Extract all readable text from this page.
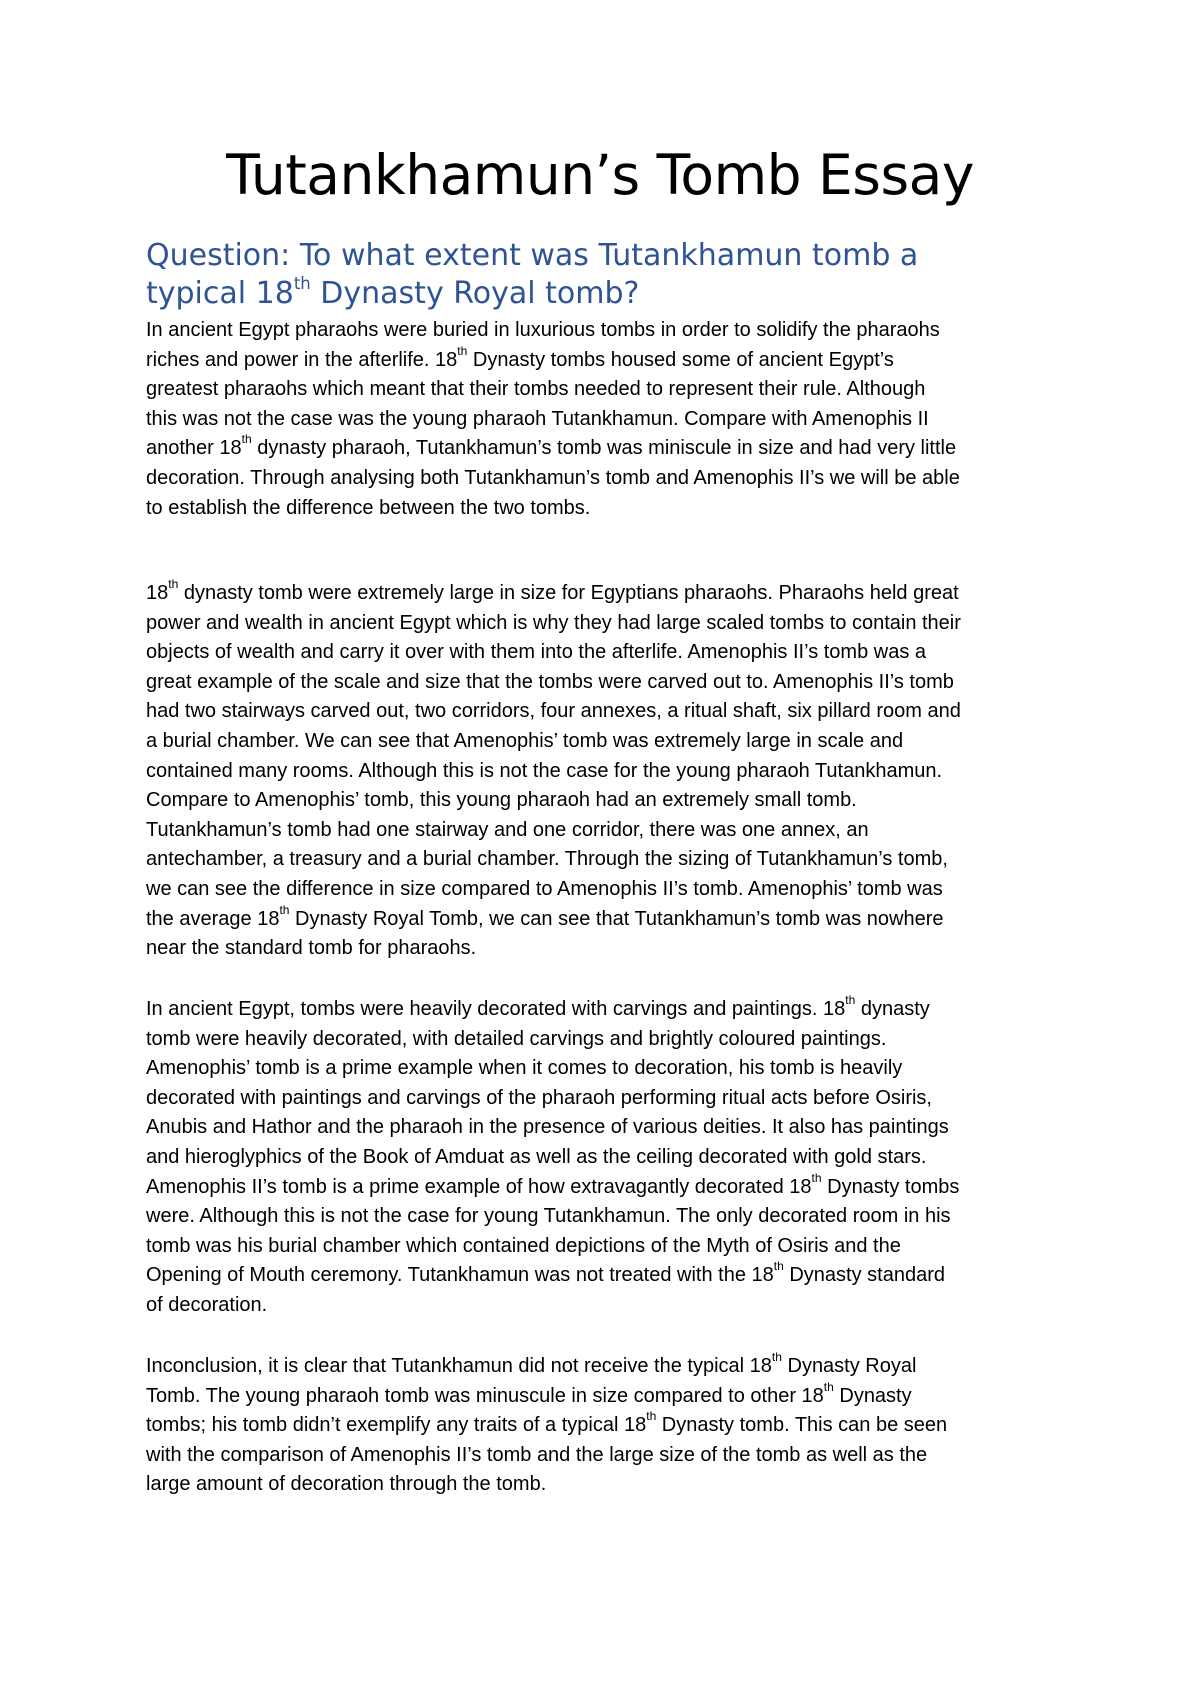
Tutankhamun’s Tomb Essay
Question: To what extent was Tutankhamun tomb a
typical 18th Dynasty Royal tomb?

In ancient Egypt pharaohs were buried in luxurious tombs in order to solidify the pharaohs
riches and power in the afterlife. 18th Dynasty tombs housed some of ancient Egypt’s
greatest pharaohs which meant that their tombs needed to represent their rule. Although
this was not the case was the young pharaoh Tutankhamun. Compare with Amenophis II
another 18th dynasty pharaoh, Tutankhamun’s tomb was miniscule in size and had very little
decoration. Through analysing both Tutankhamun’s tomb and Amenophis II’s we will be able
to establish the difference between the two tombs.

18th dynasty tomb were extremely large in size for Egyptians pharaohs. Pharaohs held great
power and wealth in ancient Egypt which is why they had large scaled tombs to contain their
objects of wealth and carry it over with them into the afterlife. Amenophis II’s tomb was a
great example of the scale and size that the tombs were carved out to. Amenophis II’s tomb
had two stairways carved out, two corridors, four annexes, a ritual shaft, six pillard room and
a burial chamber. We can see that Amenophis’ tomb was extremely large in scale and
contained many rooms. Although this is not the case for the young pharaoh Tutankhamun.
Compare to Amenophis’ tomb, this young pharaoh had an extremely small tomb.
Tutankhamun’s tomb had one stairway and one corridor, there was one annex, an
antechamber, a treasury and a burial chamber. Through the sizing of Tutankhamun’s tomb,
we can see the difference in size compared to Amenophis II’s tomb. Amenophis’ tomb was
the average 18th Dynasty Royal Tomb, we can see that Tutankhamun’s tomb was nowhere
near the standard tomb for pharaohs.

In ancient Egypt, tombs were heavily decorated with carvings and paintings. 18th dynasty
tomb were heavily decorated, with detailed carvings and brightly coloured paintings.
Amenophis’ tomb is a prime example when it comes to decoration, his tomb is heavily
decorated with paintings and carvings of the pharaoh performing ritual acts before Osiris,
Anubis and Hathor and the pharaoh in the presence of various deities. It also has paintings
and hieroglyphics of the Book of Amduat as well as the ceiling decorated with gold stars.
Amenophis II’s tomb is a prime example of how extravagantly decorated 18th Dynasty tombs
were. Although this is not the case for young Tutankhamun. The only decorated room in his
tomb was his burial chamber which contained depictions of the Myth of Osiris and the
Opening of Mouth ceremony. Tutankhamun was not treated with the 18th Dynasty standard
of decoration.

Inconclusion, it is clear that Tutankhamun did not receive the typical 18th Dynasty Royal
Tomb. The young pharaoh tomb was minuscule in size compared to other 18th Dynasty
tombs; his tomb didn’t exemplify any traits of a typical 18th Dynasty tomb. This can be seen
with the comparison of Amenophis II’s tomb and the large size of the tomb as well as the
large amount of decoration through the tomb.
